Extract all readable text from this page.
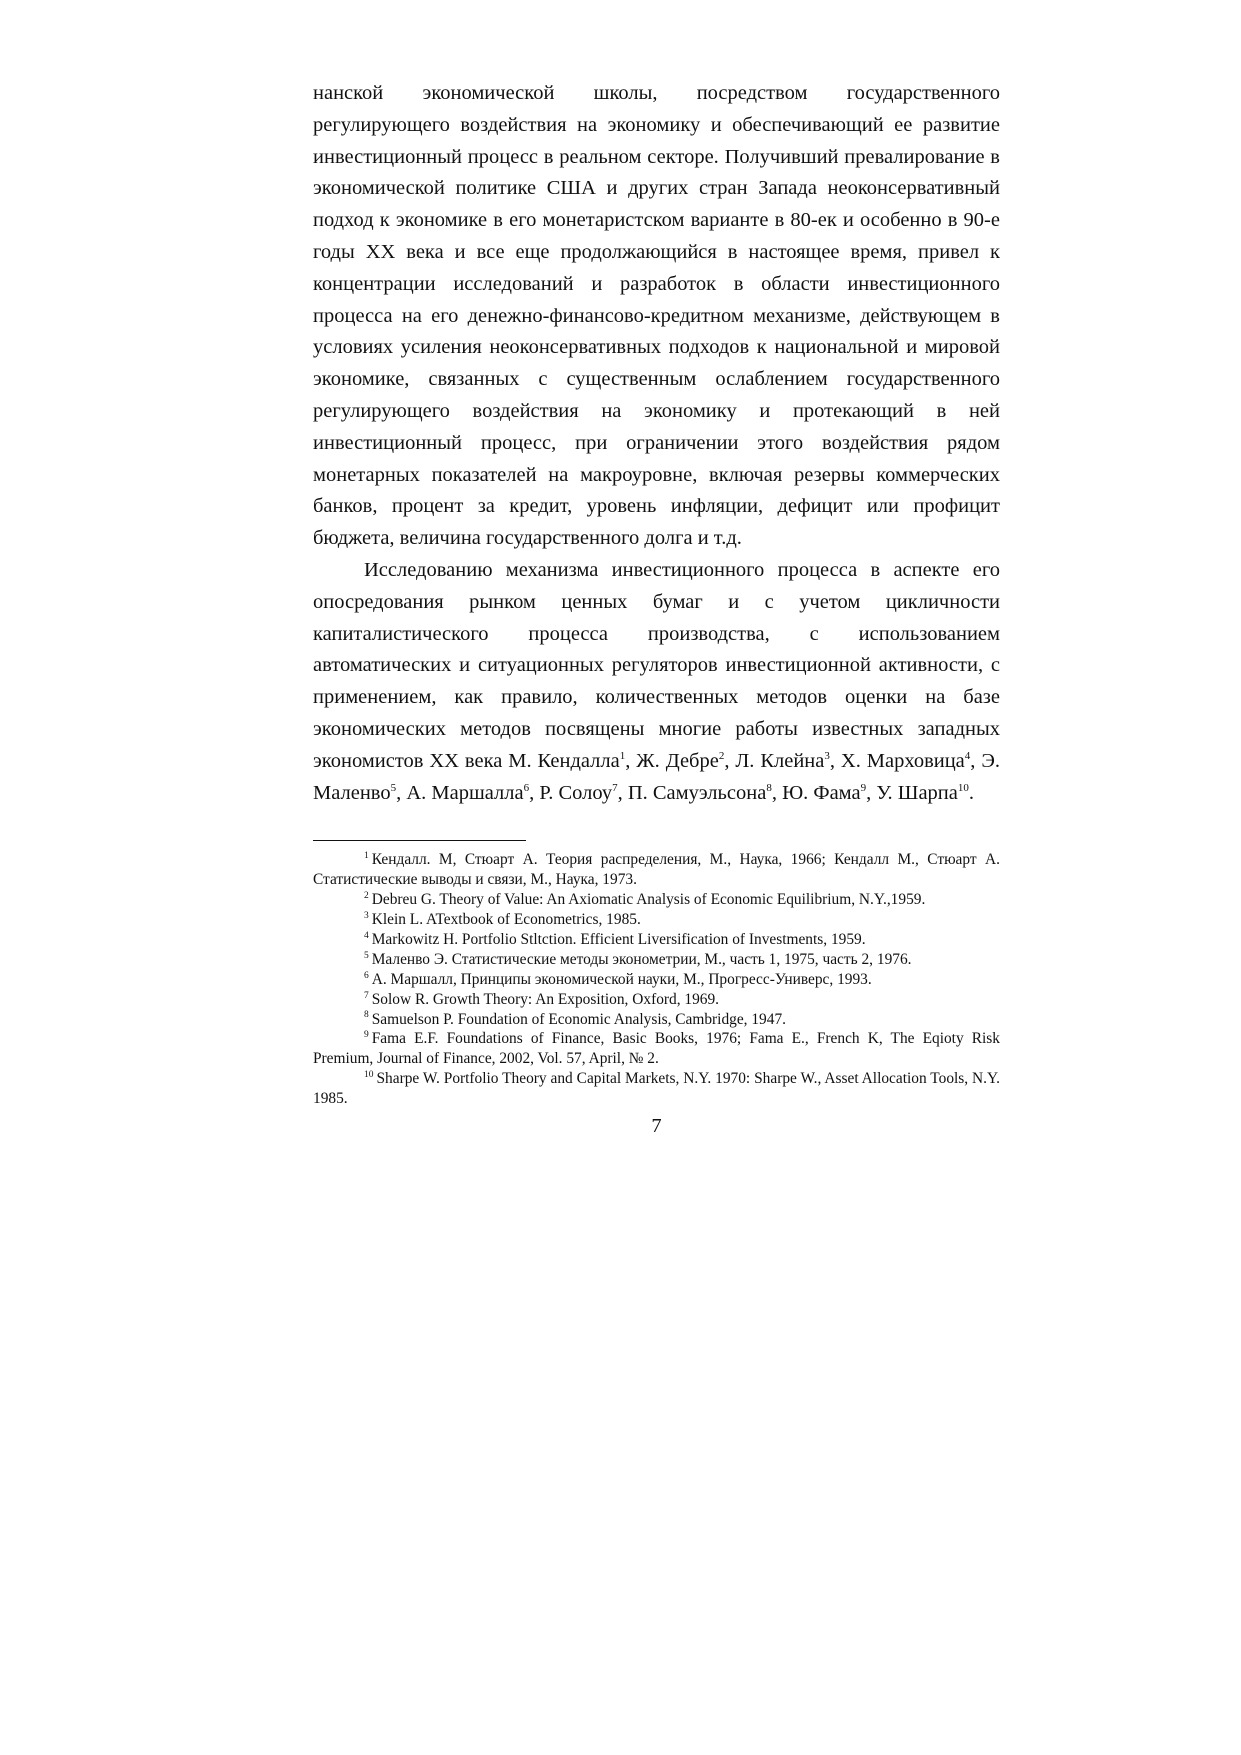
нанской экономической школы, посредством государственного регулирующего воздействия на экономику и обеспечивающий ее развитие инвестиционный процесс в реальном секторе. Получивший превалирование в экономической политике США и других стран Запада неоконсервативный подход к экономике в его монетаристском варианте в 80-ек и особенно в 90-е годы XX века и все еще продолжающийся в настоящее время, привел к концентрации исследований и разработок в области инвестиционного процесса на его денежно-финансово-кредитном механизме, действующем в условиях усиления неоконсервативных подходов к национальной и мировой экономике, связанных с существенным ослаблением государственного регулирующего воздействия на экономику и протекающий в ней инвестиционный процесс, при ограничении этого воздействия рядом монетарных показателей на макроуровне, включая резервы коммерческих банков, процент за кредит, уровень инфляции, дефицит или профицит бюджета, величина государственного долга и т.д.

Исследованию механизма инвестиционного процесса в аспекте его опосредования рынком ценных бумаг и с учетом цикличности капиталистического процесса производства, с использованием автоматических и ситуационных регуляторов инвестиционной активности, с применением, как правило, количественных методов оценки на базе экономических методов посвящены многие работы известных западных экономистов XX века М. Кендалла$^1$, Ж. Дебре$^2$, Л. Клейна$^3$, Х. Марховица$^4$, Э. Маленво$^5$, А. Маршалла$^6$, Р. Солоу$^7$, П. Самуэльсона$^8$, Ю. Фама$^9$, У. Шарпа$^{10}$.

$^1$ Кендалл. М, Стюарт А. Теория распределения, М., Наука, 1966; Кендалл М., Стюарт А. Статистические выводы и связи, М., Наука, 1973.

$^2$ Debreu G. Theory of Value: An Axiomatic Analysis of Economic Equilibrium, N.Y.,1959.

$^3$ Klein L. ATextbook of Econometrics, 1985.

$^4$ Markowitz H. Portfolio Stltction. Efficient Liversification of Investments, 1959.

$^5$ Маленво Э. Статистические методы эконометрии, М., часть 1, 1975, часть 2, 1976.

$^6$ А. Маршалл, Принципы экономической науки, М., Прогресс-Универс, 1993.

$^7$ Solow R. Growth Theory: An Exposition, Oxford, 1969.

$^8$ Samuelson P. Foundation of Economic Analysis, Cambridge, 1947.

$^9$ Fama E.F. Foundations of Finance, Basic Books, 1976; Fama E., French K, The Eqioty Risk Premium, Journal of Finance, 2002, Vol. 57, April, № 2.

$^{10}$ Sharpe W. Portfolio Theory and Capital Markets, N.Y. 1970: Sharpe W., Asset Allocation Tools, N.Y. 1985.

7
